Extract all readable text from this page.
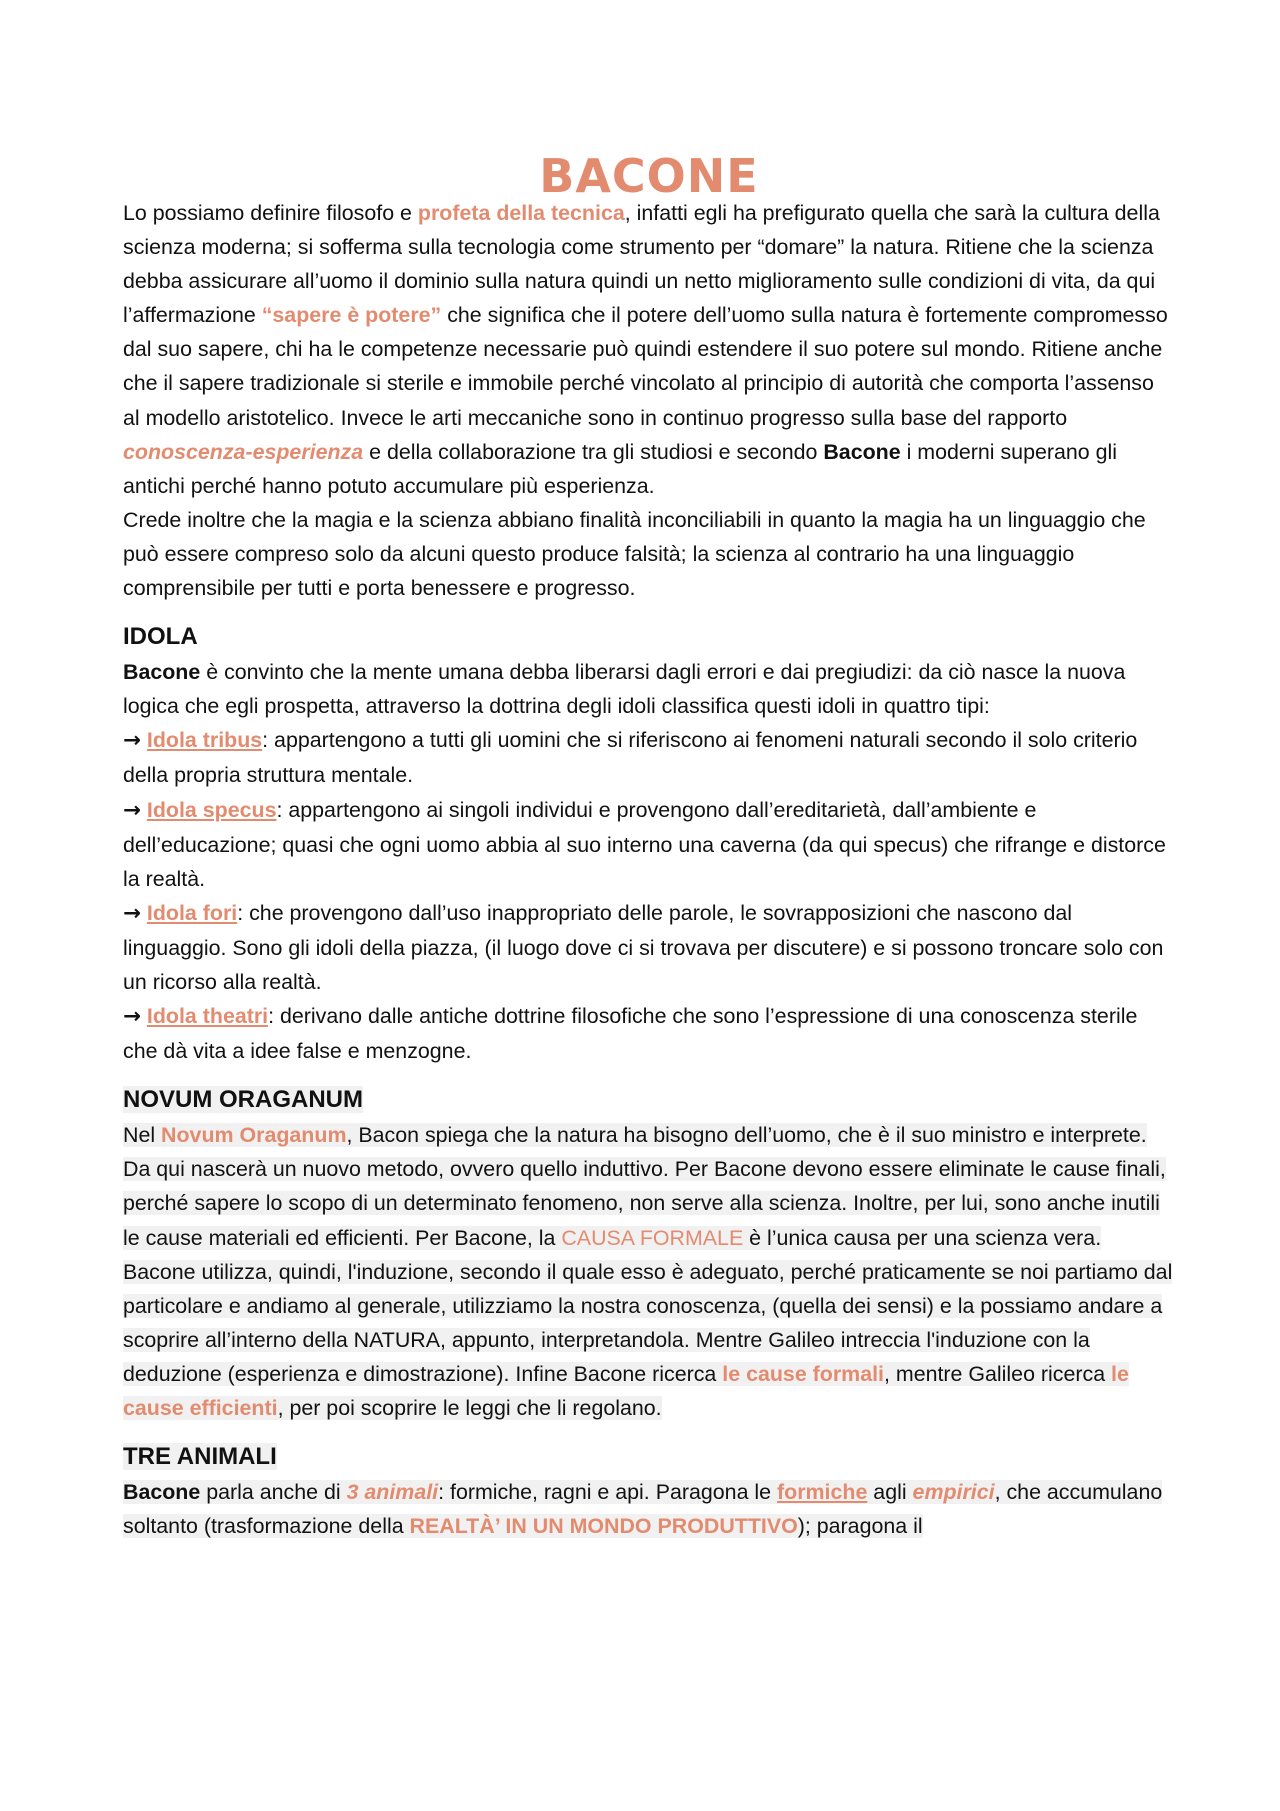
BACONE

Lo possiamo definire filosofo e profeta della tecnica, infatti egli ha prefigurato quella che sarà la cultura della scienza moderna; si sofferma sulla tecnologia come strumento per “domare” la natura. Ritiene che la scienza debba assicurare all’uomo il dominio sulla natura quindi un netto miglioramento sulle condizioni di vita, da qui l’affermazione “sapere è potere” che significa che il potere dell’uomo sulla natura è fortemente compromesso dal suo sapere, chi ha le competenze necessarie può quindi estendere il suo potere sul mondo. Ritiene anche che il sapere tradizionale si sterile e immobile perché vincolato al principio di autorità che comporta l’assenso al modello aristotelico. Invece le arti meccaniche sono in continuo progresso sulla base del rapporto conoscenza-esperienza e della collaborazione tra gli studiosi e secondo Bacone i moderni superano gli antichi perché hanno potuto accumulare più esperienza.

Crede inoltre che la magia e la scienza abbiano finalità inconciliabili in quanto la magia ha un linguaggio che può essere compreso solo da alcuni questo produce falsità; la scienza al contrario ha una linguaggio comprensibile per tutti e porta benessere e progresso.

IDOLA

Bacone è convinto che la mente umana debba liberarsi dagli errori e dai pregiudizi: da ciò nasce la nuova logica che egli prospetta, attraverso la dottrina degli idoli classifica questi idoli in quattro tipi:

→ Idola tribus: appartengono a tutti gli uomini che si riferiscono ai fenomeni naturali secondo il solo criterio della propria struttura mentale.

→ Idola specus: appartengono ai singoli individui e provengono dall’ereditarietà, dall’ambiente e dell’educazione; quasi che ogni uomo abbia al suo interno una caverna (da qui specus) che rifrange e distorce la realtà.

→ Idola fori: che provengono dall’uso inappropriato delle parole, le sovrapposizioni che nascono dal linguaggio. Sono gli idoli della piazza, (il luogo dove ci si trovava per discutere) e si possono troncare solo con un ricorso alla realtà.

→ Idola theatri: derivano dalle antiche dottrine filosofiche che sono l’espressione di una conoscenza sterile che dà vita a idee false e menzogne.

NOVUM ORAGANUM

Nel Novum Oraganum, Bacon spiega che la natura ha bisogno dell’uomo, che è il suo ministro e interprete. Da qui nascerà un nuovo metodo, ovvero quello induttivo. Per Bacone devono essere eliminate le cause finali, perché sapere lo scopo di un determinato fenomeno, non serve alla scienza. Inoltre, per lui, sono anche inutili le cause materiali ed efficienti. Per Bacone, la CAUSA FORMALE è l’unica causa per una scienza vera. Bacone utilizza, quindi, l'induzione, secondo il quale esso è adeguato, perché praticamente se noi partiamo dal particolare e andiamo al generale, utilizziamo la nostra conoscenza, (quella dei sensi) e la possiamo andare a scoprire all’interno della NATURA, appunto, interpretandola. Mentre Galileo intreccia l'induzione con la deduzione (esperienza e dimostrazione). Infine Bacone ricerca le cause formali, mentre Galileo ricerca le cause efficienti, per poi scoprire le leggi che li regolano.

TRE ANIMALI

Bacone parla anche di 3 animali: formiche, ragni e api. Paragona le formiche agli empirici, che accumulano soltanto (trasformazione della REALTÀ’ IN UN MONDO PRODUTTIVO); paragona il
